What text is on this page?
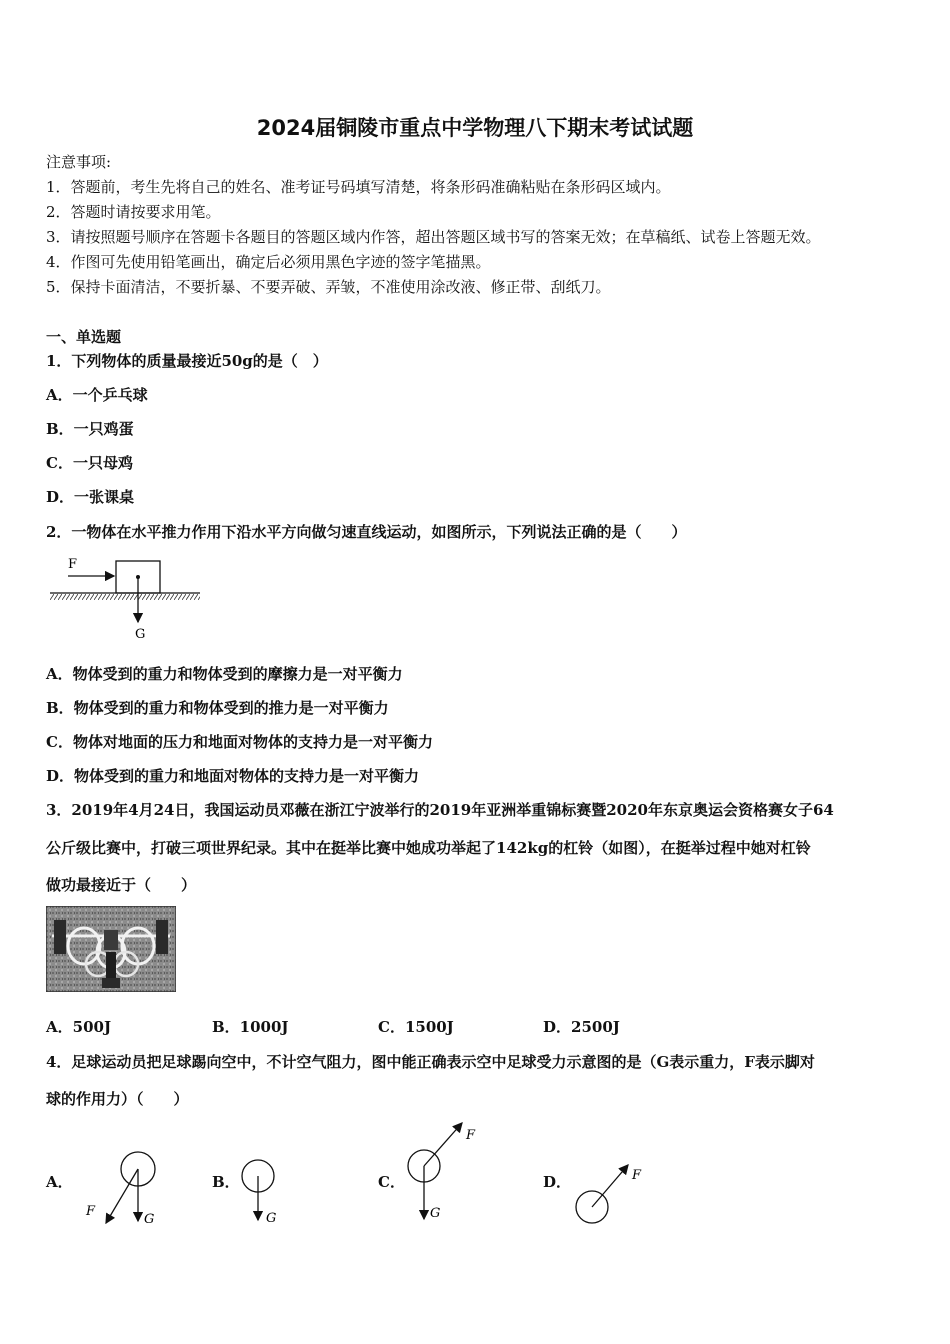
2024届铜陵市重点中学物理八下期末考试试题
注意事项:
1．答题前，考生先将自己的姓名、准考证号码填写清楚，将条形码准确粘贴在条形码区域内。
2．答题时请按要求用笔。
3．请按照题号顺序在答题卡各题目的答题区域内作答，超出答题区域书写的答案无效；在草稿纸、试卷上答题无效。
4．作图可先使用铅笔画出，确定后必须用黑色字迹的签字笔描黑。
5．保持卡面清洁，不要折暴、不要弄破、弄皱，不准使用涂改液、修正带、刮纸刀。
一、单选题
1．下列物体的质量最接近50g的是（　）
A．一个乒乓球
B．一只鸡蛋
C．一只母鸡
D．一张课桌
2．一物体在水平推力作用下沿水平方向做匀速直线运动，如图所示，下列说法正确的是（　　）
F
G
A．物体受到的重力和物体受到的摩擦力是一对平衡力
B．物体受到的重力和物体受到的推力是一对平衡力
C．物体对地面的压力和地面对物体的支持力是一对平衡力
D．物体受到的重力和地面对物体的支持力是一对平衡力
3．2019年4月24日，我国运动员邓薇在浙江宁波举行的2019年亚洲举重锦标赛暨2020年东京奥运会资格赛女子64
公斤级比赛中，打破三项世界纪录。其中在挺举比赛中她成功举起了142kg的杠铃（如图），在挺举过程中她对杠铃
做功最接近于（　　）
A．500J	B．1000J	C．1500J	D．2500J
4．足球运动员把足球踢向空中，不计空气阻力，图中能正确表示空中足球受力示意图的是（G表示重力，F表示脚对
球的作用力）（　　）
A．
F
G
B．
G
C．
F
G
D．	F
